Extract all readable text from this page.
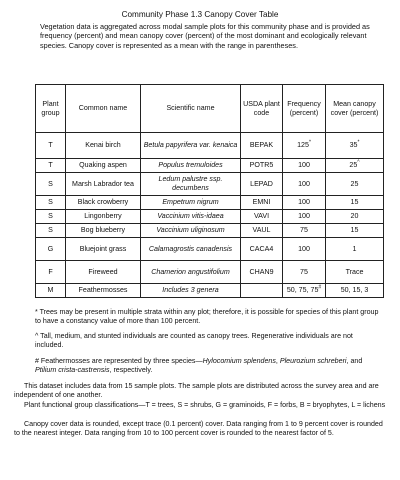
Community Phase 1.3 Canopy Cover Table
Vegetation data is aggregated across modal sample plots for this community phase and is provided as frequency (percent) and mean canopy cover (percent) of the most dominant and ecologically relevant species. Canopy cover is represented as a mean with the range in parentheses.
Plant group	Common name	Scientific name	USDA plant code	Frequency (percent)	Mean canopy cover (percent)
T	Kenai birch	Betula papyrifera var. kenaica	BEPAK	125*	35*
T	Quaking aspen	Populus tremuloides	POTR5	100	25^
S	Marsh Labrador tea	Ledum palustre ssp. decumbens	LEPAD	100	25
S	Black crowberry	Empetrum nigrum	EMNI	100	15
S	Lingonberry	Vaccinium vitis-idaea	VAVI	100	20
S	Bog blueberry	Vaccinium uliginosum	VAUL	75	15
G	Bluejoint grass	Calamagrostis canadensis	CACA4	100	1
F	Fireweed	Chamerion angustifolium	CHAN9	75	Trace
M	Feathermosses	Includes 3 genera		50, 75, 75#	50, 15, 3
* Trees may be present in multiple strata within any plot; therefore, it is possible for species of this plant group to have a constancy value of more than 100 percent.
^ Tall, medium, and stunted individuals are counted as canopy trees. Regenerative individuals are not included.
# Feathermosses are represented by three species—Hylocomium splendens, Pleurozium schreberi, and Ptilium crista-castrensis, respectively.
This dataset includes data from 15 sample plots. The sample plots are distributed across the survey area and are independent of one another.
Plant functional group classifications—T = trees, S = shrubs, G = graminoids, F = forbs, B = bryophytes, L = lichens
Canopy cover data is rounded, except trace (0.1 percent) cover. Data ranging from 1 to 9 percent cover is rounded to the nearest integer. Data ranging from 10 to 100 percent cover is rounded to the nearest factor of 5.
